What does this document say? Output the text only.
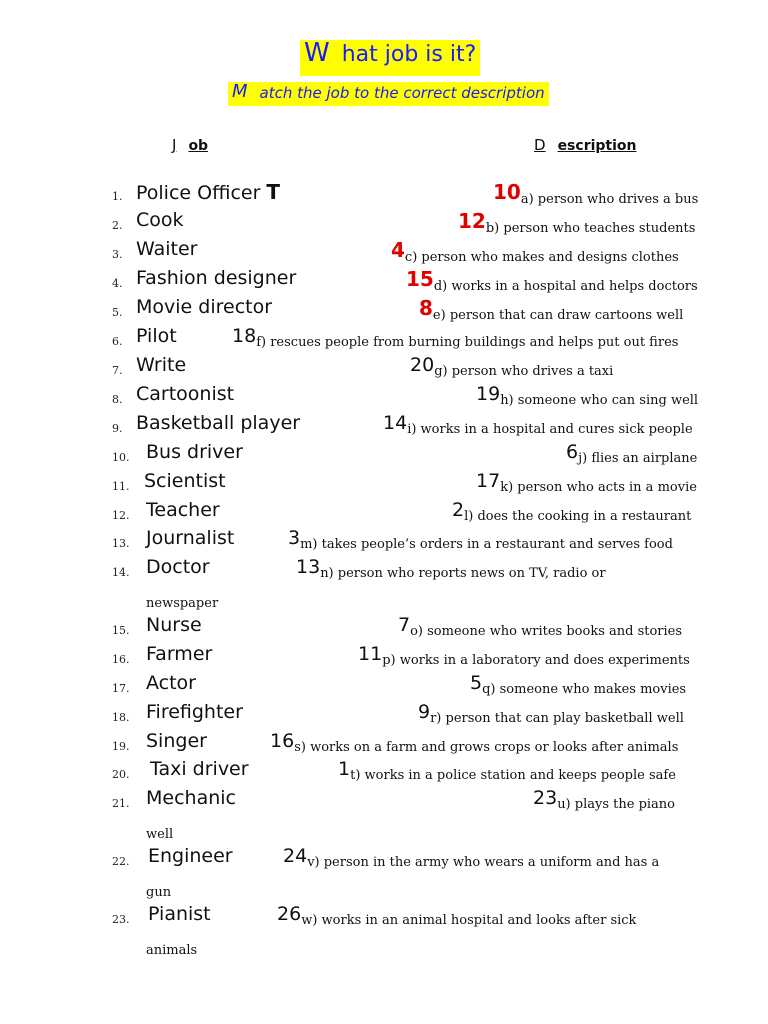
W hat job is it?
M atch the job to the correct description
J ob	D escription
1. Police Officer T	$10_{a) person who drives a bus}$
2. Cook	$12_{b) person who teaches students}$
3. Waiter	$4_{c) person who makes and designs clothes}$
4. Fashion designer	$15_{d) works in a hospital and helps doctors}$
5. Movie director	$8_{e) person that can draw cartoons well}$
6. Pilot	$18_{f) rescues people from burning buildings and helps put out fires}$
7. Write	$20_{g) person who drives a taxi}$
8. Cartoonist	$19_{h) someone who can sing well}$
9. Basketball player	$14_{i) works in a hospital and cures sick people}$
10. Bus driver	$6_{j) flies an airplane}$
11. Scientist	$17_{k) person who acts in a movie}$
12. Teacher	$2_{l) does the cooking in a restaurant}$
13. Journalist	$3_{m) takes people’s orders in a restaurant and serves food}$
14. Doctor	$13_{n) person who reports news on TV, radio or}$
newspaper
15. Nurse	$7_{o) someone who writes books and stories}$
16. Farmer	$11_{p) works in a laboratory and does experiments}$
17. Actor	$5_{q) someone who makes movies}$
18. Firefighter	$9_{r) person that can play basketball well}$
19. Singer	$16_{s) works on a farm and grows crops or looks after animals}$
20. Taxi driver	$1_{t) works in a police station and keeps people safe}$
21. Mechanic	$23_{u) plays the piano}$
well
22. Engineer	$24_{v) person in the army who wears a uniform and has a}$
gun
23. Pianist	$26_{w) works in an animal hospital and looks after sick}$
animals
